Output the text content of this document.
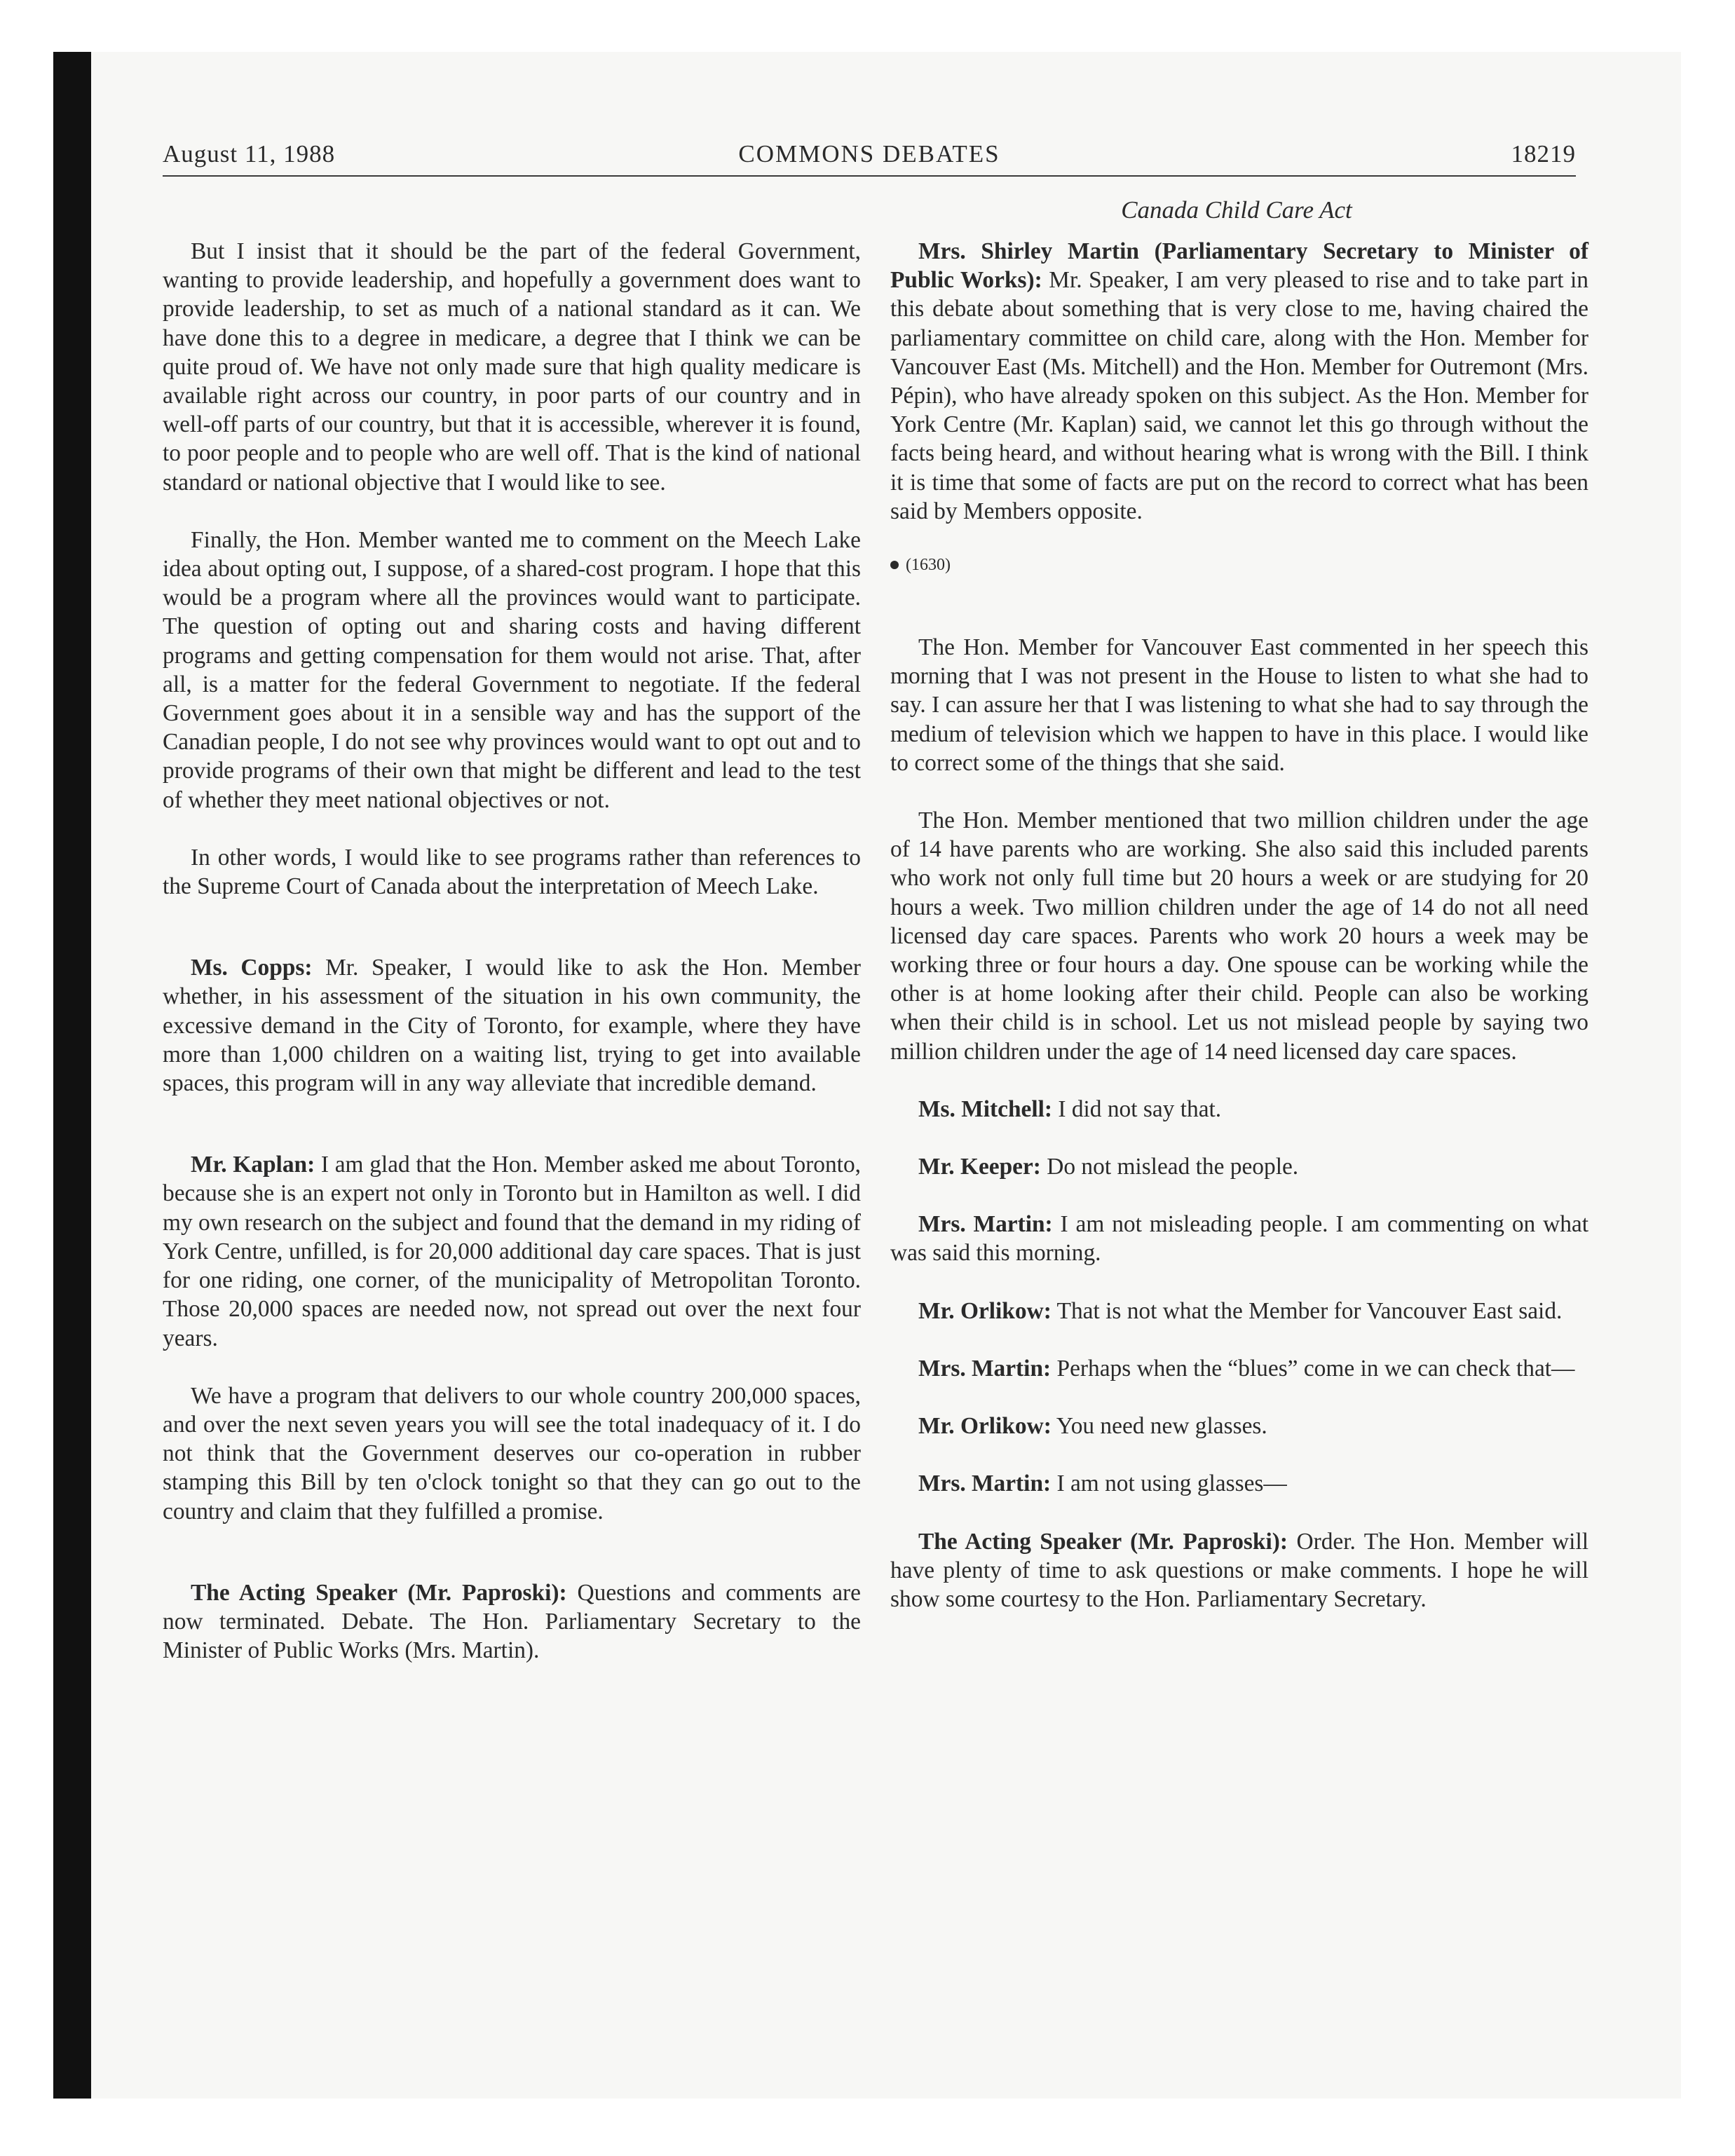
August 11, 1988	COMMONS DEBATES	18219
Canada Child Care Act

But I insist that it should be the part of the federal Government, wanting to provide leadership, and hopefully a government does want to provide leadership, to set as much of a national standard as it can. We have done this to a degree in medicare, a degree that I think we can be quite proud of. We have not only made sure that high quality medicare is available right across our country, in poor parts of our country and in well-off parts of our country, but that it is accessible, wherever it is found, to poor people and to people who are well off. That is the kind of national standard or national objective that I would like to see.

Finally, the Hon. Member wanted me to comment on the Meech Lake idea about opting out, I suppose, of a shared-cost program. I hope that this would be a program where all the provinces would want to participate. The question of opting out and sharing costs and having different programs and getting compensation for them would not arise. That, after all, is a matter for the federal Government to negotiate. If the federal Government goes about it in a sensible way and has the support of the Canadian people, I do not see why provinces would want to opt out and to provide programs of their own that might be different and lead to the test of whether they meet national objectives or not.

In other words, I would like to see programs rather than references to the Supreme Court of Canada about the interpretation of Meech Lake.

Ms. Copps: Mr. Speaker, I would like to ask the Hon. Member whether, in his assessment of the situation in his own community, the excessive demand in the City of Toronto, for example, where they have more than 1,000 children on a waiting list, trying to get into available spaces, this program will in any way alleviate that incredible demand.

Mr. Kaplan: I am glad that the Hon. Member asked me about Toronto, because she is an expert not only in Toronto but in Hamilton as well. I did my own research on the subject and found that the demand in my riding of York Centre, unfilled, is for 20,000 additional day care spaces. That is just for one riding, one corner, of the municipality of Metropolitan Toronto. Those 20,000 spaces are needed now, not spread out over the next four years.

We have a program that delivers to our whole country 200,000 spaces, and over the next seven years you will see the total inadequacy of it. I do not think that the Government deserves our co-operation in rubber stamping this Bill by ten o'clock tonight so that they can go out to the country and claim that they fulfilled a promise.

The Acting Speaker (Mr. Paproski): Questions and comments are now terminated. Debate. The Hon. Parliamentary Secretary to the Minister of Public Works (Mrs. Martin).

Mrs. Shirley Martin (Parliamentary Secretary to Minister of Public Works): Mr. Speaker, I am very pleased to rise and to take part in this debate about something that is very close to me, having chaired the parliamentary committee on child care, along with the Hon. Member for Vancouver East (Ms. Mitchell) and the Hon. Member for Outremont (Mrs. Pépin), who have already spoken on this subject. As the Hon. Member for York Centre (Mr. Kaplan) said, we cannot let this go through without the facts being heard, and without hearing what is wrong with the Bill. I think it is time that some of facts are put on the record to correct what has been said by Members opposite.

(1630)

The Hon. Member for Vancouver East commented in her speech this morning that I was not present in the House to listen to what she had to say. I can assure her that I was listening to what she had to say through the medium of television which we happen to have in this place. I would like to correct some of the things that she said.

The Hon. Member mentioned that two million children under the age of 14 have parents who are working. She also said this included parents who work not only full time but 20 hours a week or are studying for 20 hours a week. Two million children under the age of 14 do not all need licensed day care spaces. Parents who work 20 hours a week may be working three or four hours a day. One spouse can be working while the other is at home looking after their child. People can also be working when their child is in school. Let us not mislead people by saying two million children under the age of 14 need licensed day care spaces.

Ms. Mitchell: I did not say that.

Mr. Keeper: Do not mislead the people.

Mrs. Martin: I am not misleading people. I am commenting on what was said this morning.

Mr. Orlikow: That is not what the Member for Vancouver East said.

Mrs. Martin: Perhaps when the “blues” come in we can check that—

Mr. Orlikow: You need new glasses.

Mrs. Martin: I am not using glasses—

The Acting Speaker (Mr. Paproski): Order. The Hon. Member will have plenty of time to ask questions or make comments. I hope he will show some courtesy to the Hon. Parliamentary Secretary.
